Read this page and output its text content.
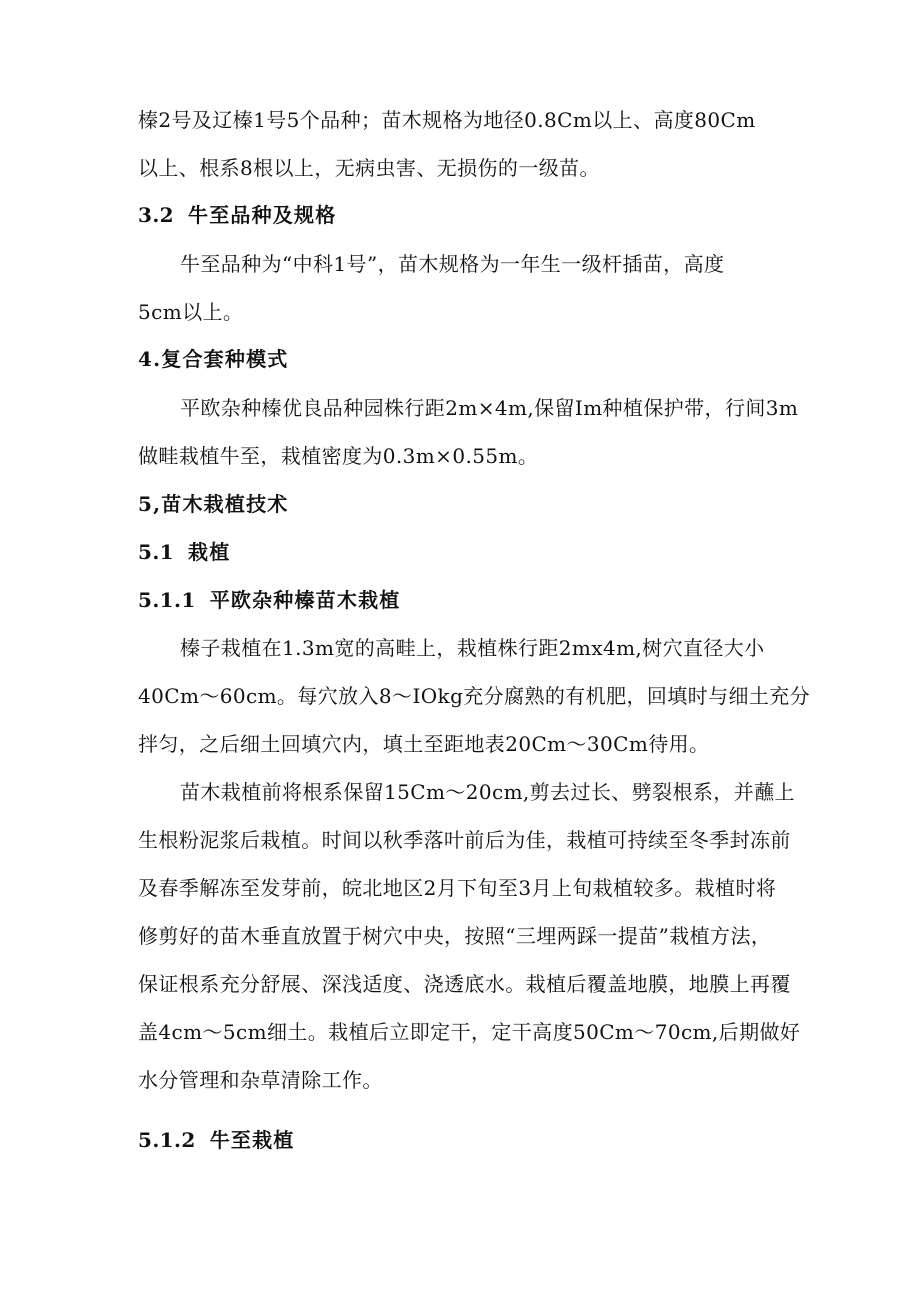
榛2号及辽榛1号5个品种；苗木规格为地径0.8Cm以上、高度80Cm
以上、根系8根以上，无病虫害、无损伤的一级苗。
3.2 牛至品种及规格
牛至品种为“中科1号”，苗木规格为一年生一级杆插苗，高度
5cm以上。
4.复合套种模式
平欧杂种榛优良品种园株行距2m×4m,保留Im种植保护带，行间3m
做畦栽植牛至，栽植密度为0.3m×0.55m。
5,苗木栽植技术
5.1 栽植
5.1.1 平欧杂种榛苗木栽植
榛子栽植在1.3m宽的高畦上，栽植株行距2mx4m,树穴直径大小
40Cm～60cm。每穴放入8～IOkg充分腐熟的有机肥，回填时与细土充分
拌匀，之后细土回填穴内，填土至距地表20Cm～30Cm待用。
苗木栽植前将根系保留15Cm～20cm,剪去过长、劈裂根系，并蘸上
生根粉泥浆后栽植。时间以秋季落叶前后为佳，栽植可持续至冬季封冻前
及春季解冻至发芽前，皖北地区2月下旬至3月上旬栽植较多。栽植时将
修剪好的苗木垂直放置于树穴中央，按照“三埋两踩一提苗”栽植方法，
保证根系充分舒展、深浅适度、浇透底水。栽植后覆盖地膜，地膜上再覆
盖4cm～5cm细土。栽植后立即定干，定干高度50Cm～70cm,后期做好
水分管理和杂草清除工作。
5.1.2 牛至栽植
